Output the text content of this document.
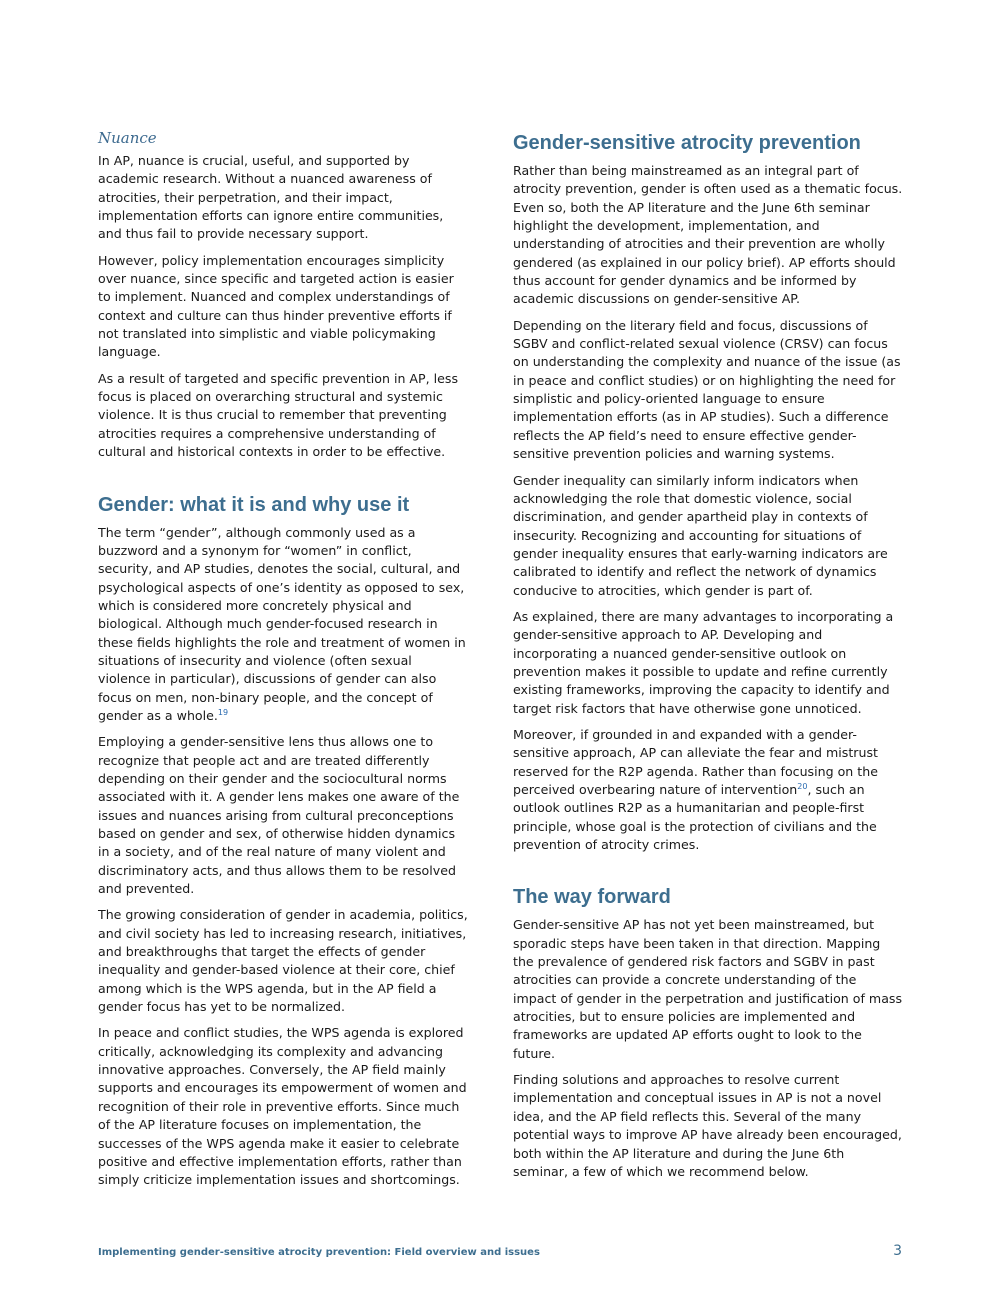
Nuance

In AP, nuance is crucial, useful, and supported by academic research. Without a nuanced awareness of atrocities, their perpetration, and their impact, implementation efforts can ignore entire communities, and thus fail to provide necessary support.

However, policy implementation encourages simplicity over nuance, since specific and targeted action is easier to implement. Nuanced and complex understandings of context and culture can thus hinder preventive efforts if not translated into simplistic and viable policymaking language.

As a result of targeted and specific prevention in AP, less focus is placed on overarching structural and systemic violence. It is thus crucial to remember that preventing atrocities requires a comprehensive understanding of cultural and historical contexts in order to be effective.

Gender: what it is and why use it

The term “gender”, although commonly used as a buzzword and a synonym for “women” in conflict, security, and AP studies, denotes the social, cultural, and psychological aspects of one’s identity as opposed to sex, which is considered more concretely physical and biological. Although much gender-focused research in these fields highlights the role and treatment of women in situations of insecurity and violence (often sexual violence in particular), discussions of gender can also focus on men, non-binary people, and the concept of gender as a whole.$^{19}$

Employing a gender-sensitive lens thus allows one to recognize that people act and are treated differently depending on their gender and the sociocultural norms associated with it. A gender lens makes one aware of the issues and nuances arising from cultural preconceptions based on gender and sex, of otherwise hidden dynamics in a society, and of the real nature of many violent and discriminatory acts, and thus allows them to be resolved and prevented.

The growing consideration of gender in academia, politics, and civil society has led to increasing research, initiatives, and breakthroughs that target the effects of gender inequality and gender-based violence at their core, chief among which is the WPS agenda, but in the AP field a gender focus has yet to be normalized.

In peace and conflict studies, the WPS agenda is explored critically, acknowledging its complexity and advancing innovative approaches. Conversely, the AP field mainly supports and encourages its empowerment of women and recognition of their role in preventive efforts. Since much of the AP literature focuses on implementation, the successes of the WPS agenda make it easier to celebrate positive and effective implementation efforts, rather than simply criticize implementation issues and shortcomings.

Gender-sensitive atrocity prevention

Rather than being mainstreamed as an integral part of atrocity prevention, gender is often used as a thematic focus. Even so, both the AP literature and the June 6th seminar highlight the development, implementation, and understanding of atrocities and their prevention are wholly gendered (as explained in our policy brief). AP efforts should thus account for gender dynamics and be informed by academic discussions on gender-sensitive AP.

Depending on the literary field and focus, discussions of SGBV and conflict-related sexual violence (CRSV) can focus on understanding the complexity and nuance of the issue (as in peace and conflict studies) or on highlighting the need for simplistic and policy-oriented language to ensure implementation efforts (as in AP studies). Such a difference reflects the AP field’s need to ensure effective gender-sensitive prevention policies and warning systems.

Gender inequality can similarly inform indicators when acknowledging the role that domestic violence, social discrimination, and gender apartheid play in contexts of insecurity. Recognizing and accounting for situations of gender inequality ensures that early-warning indicators are calibrated to identify and reflect the network of dynamics conducive to atrocities, which gender is part of.

As explained, there are many advantages to incorporating a gender-sensitive approach to AP. Developing and incorporating a nuanced gender-sensitive outlook on prevention makes it possible to update and refine currently existing frameworks, improving the capacity to identify and target risk factors that have otherwise gone unnoticed.

Moreover, if grounded in and expanded with a gender-sensitive approach, AP can alleviate the fear and mistrust reserved for the R2P agenda. Rather than focusing on the perceived overbearing nature of intervention$^{20}$, such an outlook outlines R2P as a humanitarian and people-first principle, whose goal is the protection of civilians and the prevention of atrocity crimes.

The way forward

Gender-sensitive AP has not yet been mainstreamed, but sporadic steps have been taken in that direction. Mapping the prevalence of gendered risk factors and SGBV in past atrocities can provide a concrete understanding of the impact of gender in the perpetration and justification of mass atrocities, but to ensure policies are implemented and frameworks are updated AP efforts ought to look to the future.

Finding solutions and approaches to resolve current implementation and conceptual issues in AP is not a novel idea, and the AP field reflects this. Several of the many potential ways to improve AP have already been encouraged, both within the AP literature and during the June 6th seminar, a few of which we recommend below.

Implementing gender-sensitive atrocity prevention: Field overview and issues	3
